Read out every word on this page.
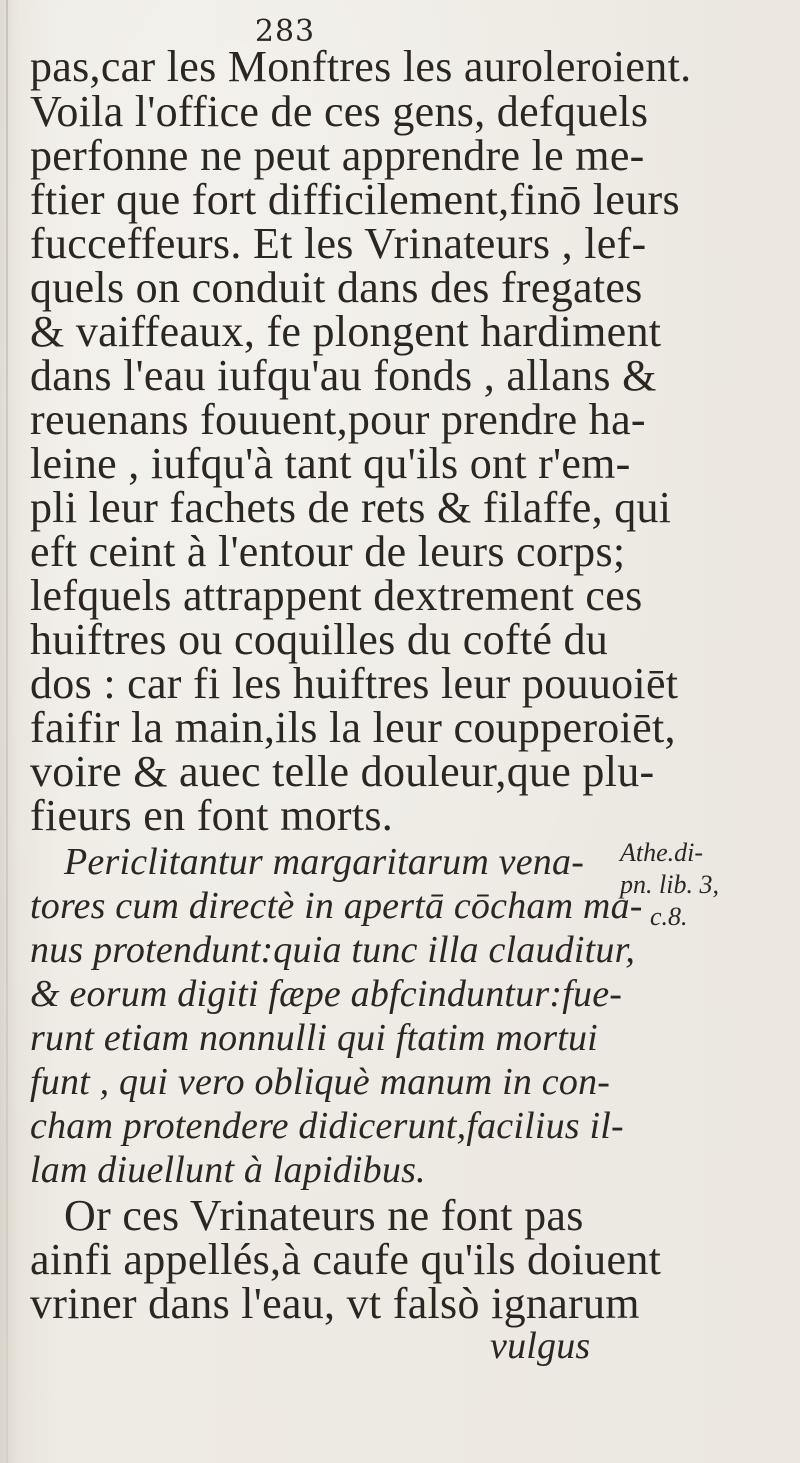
283
pas,car les Monftres les auroleroient.
Voila l'office de ces gens, defquels
perfonne ne peut apprendre le me-
ftier que fort difficilement,finō leurs
fucceffeurs. Et les Vrinateurs , lef-
quels on conduit dans des fregates
& vaiffeaux, fe plongent hardiment
dans l'eau iufqu'au fonds , allans &
reuenans fouuent,pour prendre ha-
leine , iufqu'à tant qu'ils ont r'em-
pli leur fachets de rets & filaffe, qui
eft ceint à l'entour de leurs corps;
lefquels attrappent dextrement ces
huiftres ou coquilles du cofté du
dos : car fi les huiftres leur pouuoiēt
faifir la main,ils la leur coupperoiēt,
voire & auec telle douleur,que plu-
fieurs en font morts.
Periclitantur margaritarum vena-
tores cum directè in apertā cōcham ma-
nus protendunt:quia tunc illa clauditur,
& eorum digiti fæpe abfcinduntur:fue-
runt etiam nonnulli qui ftatim mortui
funt , qui vero obliquè manum in con-
cham protendere didicerunt,facilius il-
lam diuellunt à lapidibus.
Or ces Vrinateurs ne font pas
ainfi appellés,à caufe qu'ils doiuent
vriner dans l'eau, vt falsò ignarum
vulgus
Athe.di-
pn. lib. 3,
c.8.
